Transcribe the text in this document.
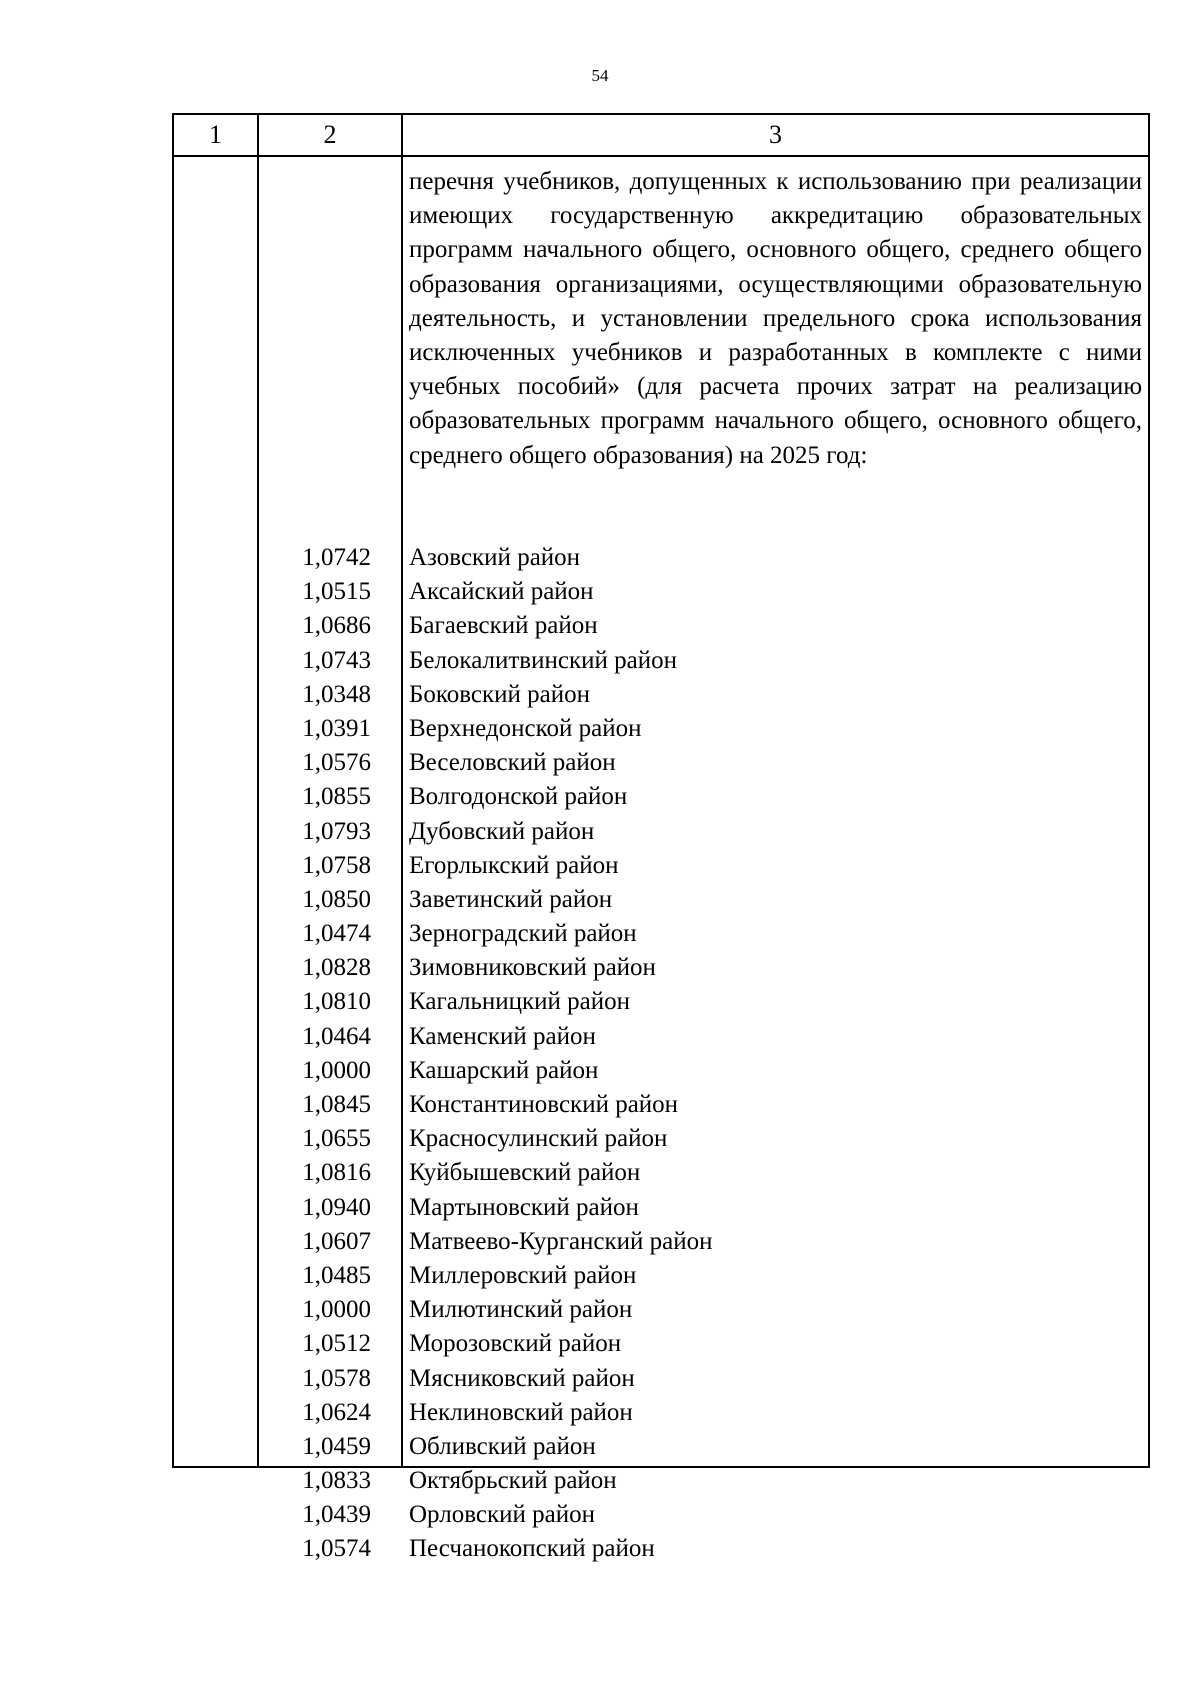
54
1	2	3
1,0742
1,0515
1,0686
1,0743
1,0348
1,0391
1,0576
1,0855
1,0793
1,0758
1,0850
1,0474
1,0828
1,0810
1,0464
1,0000
1,0845
1,0655
1,0816
1,0940
1,0607
1,0485
1,0000
1,0512
1,0578
1,0624
1,0459
1,0833
1,0439
1,0574

перечня учебников, допущенных к использованию при реализации имеющих государственную аккредитацию образовательных программ начального общего, основного общего, среднего общего образования организациями, осуществляющими образовательную деятельность, и установлении предельного срока использования исключенных учебников и разработанных в комплекте с ними учебных пособий» (для расчета прочих затрат на реализацию образовательных программ начального общего, основного общего, среднего общего образования) на 2025 год:

Азовский район
Аксайский район
Багаевский район
Белокалитвинский район
Боковский район
Верхнедонской район
Веселовский район
Волгодонской район
Дубовский район
Егорлыкский район
Заветинский район
Зерноградский район
Зимовниковский район
Кагальницкий район
Каменский район
Кашарский район
Константиновский район
Красносулинский район
Куйбышевский район
Мартыновский район
Матвеево-Курганский район
Миллеровский район
Милютинский район
Морозовский район
Мясниковский район
Неклиновский район
Обливский район
Октябрьский район
Орловский район
Песчанокопский район
